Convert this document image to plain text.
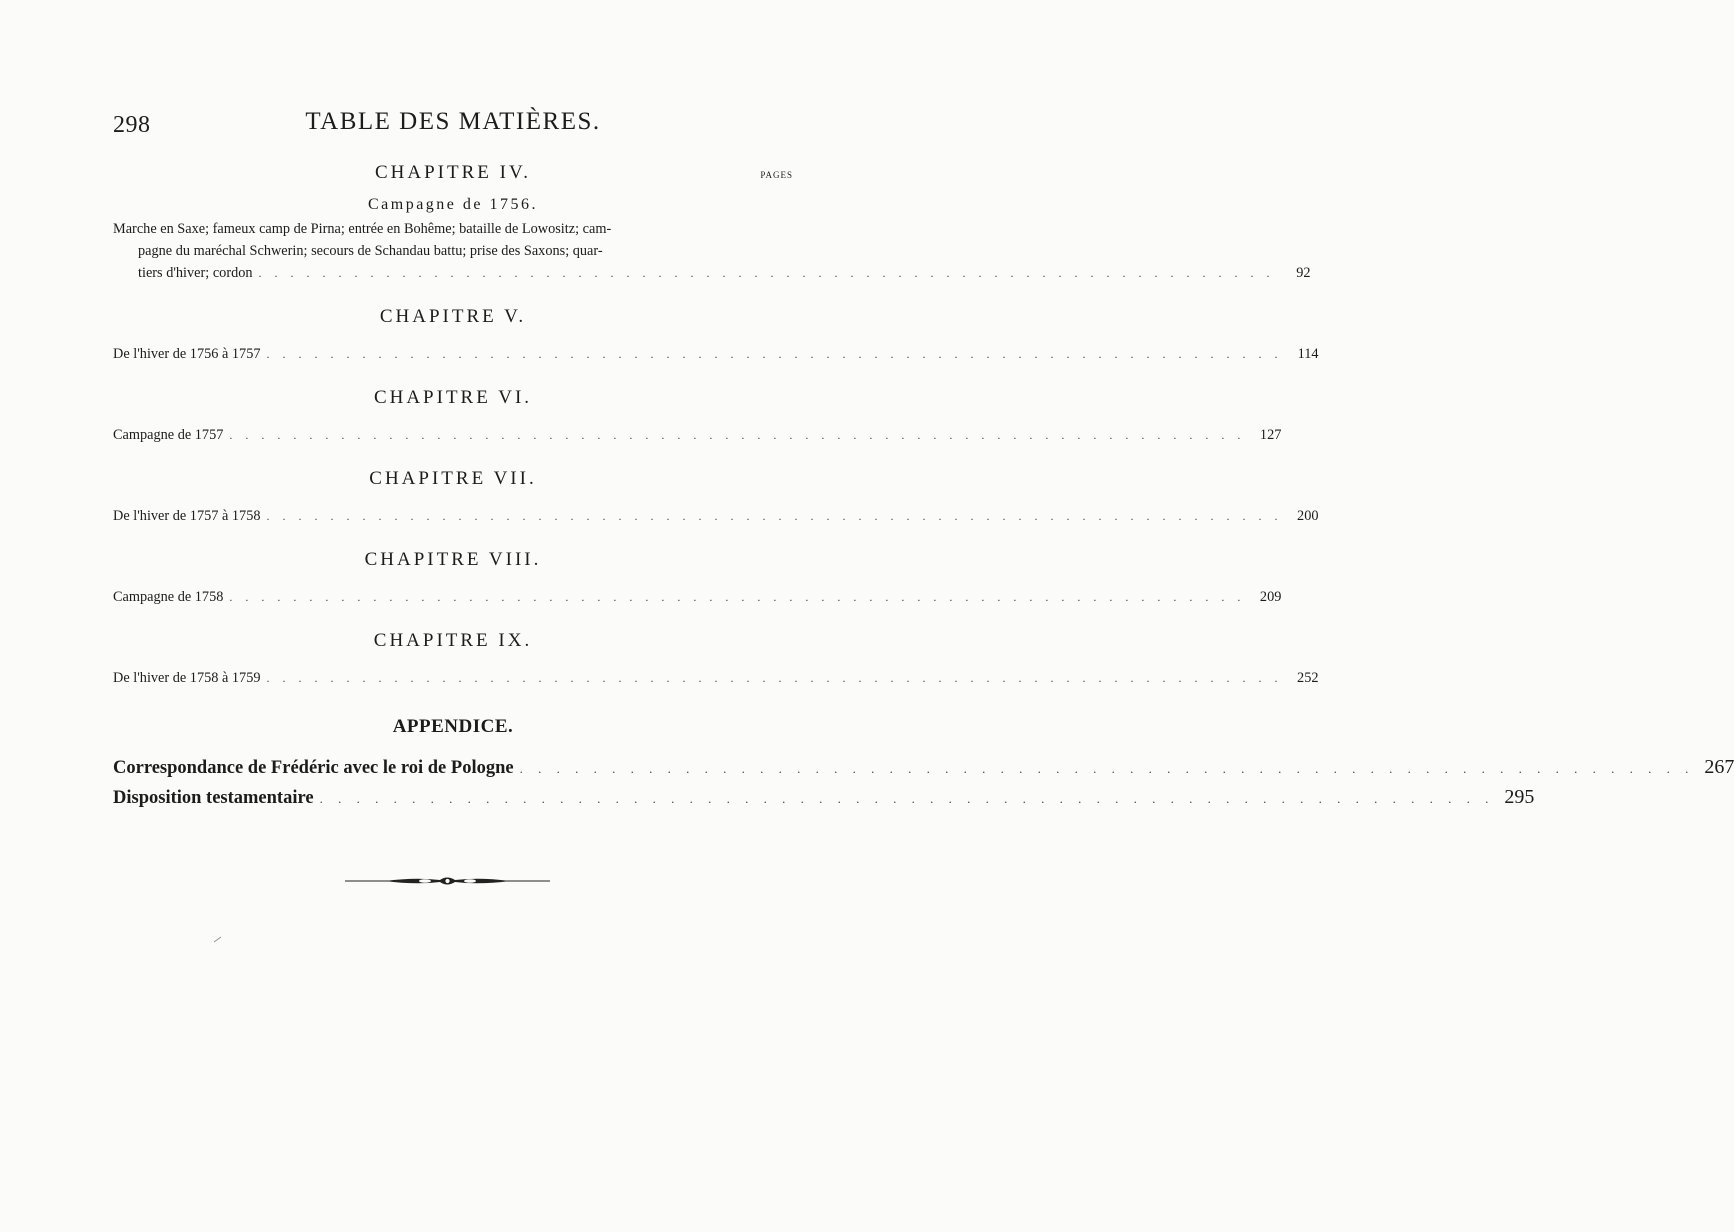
298	TABLE DES MATIÈRES.
CHAPITRE IV.	PAGES
Campagne de 1756.
Marche en Saxe; fameux camp de Pirna; entrée en Bohême; bataille de Lowositz; cam-
pagne du maréchal Schwerin; secours de Schandau battu; prise des Saxons; quar-
tiers d'hiver; cordon . . . . . . . . . . . . . . . . . . . . . . . . . . . . . . . . . . . . . . . . . . . . . . . . . . . . . . . . . . . . . . . .	92
CHAPITRE V.
De l'hiver de 1756 à 1757 . . . . . . . . . . . . . . . . . . . . . . . . . . . . . . . . . . . . . . . . . . . . . . . . . . . . . . . . . . . . . . . .	114
CHAPITRE VI.
Campagne de 1757 . . . . . . . . . . . . . . . . . . . . . . . . . . . . . . . . . . . . . . . . . . . . . . . . . . . . . . . . . . . . . . . .	127
CHAPITRE VII.
De l'hiver de 1757 à 1758 . . . . . . . . . . . . . . . . . . . . . . . . . . . . . . . . . . . . . . . . . . . . . . . . . . . . . . . . . . . . . . . .	200
CHAPITRE VIII.
Campagne de 1758 . . . . . . . . . . . . . . . . . . . . . . . . . . . . . . . . . . . . . . . . . . . . . . . . . . . . . . . . . . . . . . . .	209
CHAPITRE IX.
De l'hiver de 1758 à 1759 . . . . . . . . . . . . . . . . . . . . . . . . . . . . . . . . . . . . . . . . . . . . . . . . . . . . . . . . . . . . . . . .	252
APPENDICE.
Correspondance de Frédéric avec le roi de Pologne . . . . . . . . . . . . . . . . . . . . . . . . . . . . . . . . . . . . . . . . . . . . . . . . . . . . . . . . . . . . . . . . 267
Disposition testamentaire . . . . . . . . . . . . . . . . . . . . . . . . . . . . . . . . . . . . . . . . . . . . . . . . . . . . . . . . . . . . . . . . 295
